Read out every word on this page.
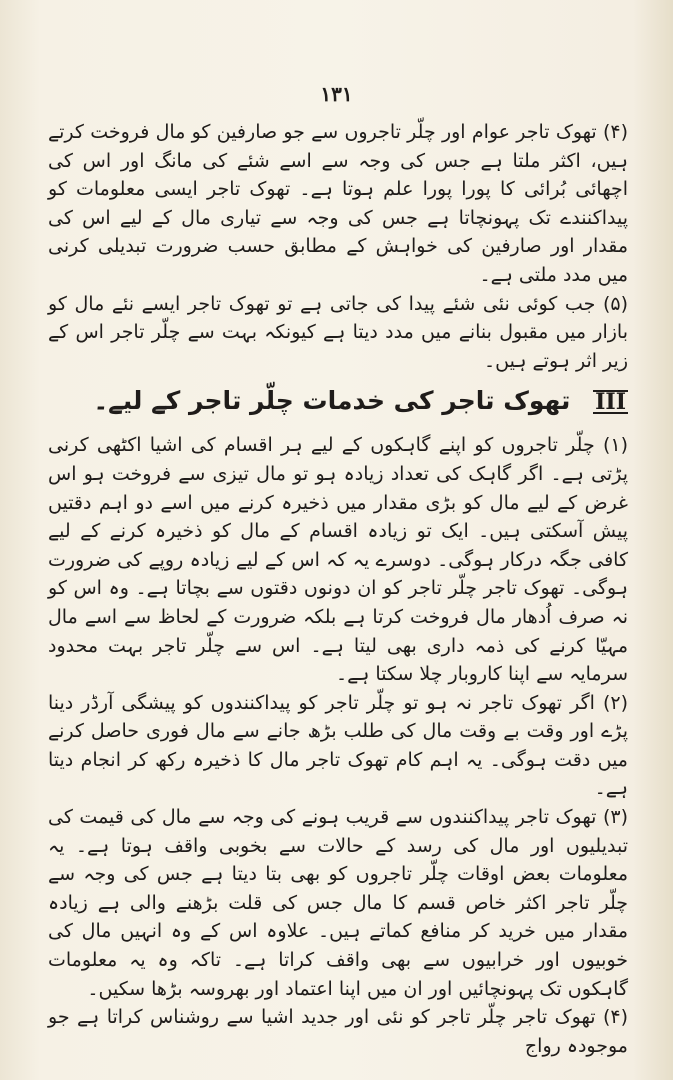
۱۳۱

(۴) تھوک تاجر عوام اور چلّر تاجروں سے جو صارفین کو مال فروخت کرتے ہیں، اکثر ملتا ہے جس کی وجہ سے اسے شئے کی مانگ اور اس کی اچھائی بُرائی کا پورا پورا علم ہوتا ہے۔ تھوک تاجر ایسی معلومات کو پیداکنندے تک پہونچاتا ہے جس کی وجہ سے تیاری مال کے لیے اس کی مقدار اور صارفین کی خواہش کے مطابق حسب ضرورت تبدیلی کرنی میں مدد ملتی ہے۔

(۵) جب کوئی نئی شئے پیدا کی جاتی ہے تو تھوک تاجر ایسے نئے مال کو بازار میں مقبول بنانے میں مدد دیتا ہے کیونکہ بہت سے چلّر تاجر اس کے زیر اثر ہوتے ہیں۔

III تھوک تاجر کی خدمات چلّر تاجر کے لیے۔

(۱) چلّر تاجروں کو اپنے گاہکوں کے لیے ہر اقسام کی اشیا اکٹھی کرنی پڑتی ہے۔ اگر گاہک کی تعداد زیادہ ہو تو مال تیزی سے فروخت ہو اس غرض کے لیے مال کو بڑی مقدار میں ذخیرہ کرنے میں اسے دو اہم دقتیں پیش آسکتی ہیں۔ ایک تو زیادہ اقسام کے مال کو ذخیرہ کرنے کے لیے کافی جگہ درکار ہوگی۔ دوسرے یہ کہ اس کے لیے زیادہ روپے کی ضرورت ہوگی۔ تھوک تاجر چلّر تاجر کو ان دونوں دقتوں سے بچاتا ہے۔ وہ اس کو نہ صرف اُدھار مال فروخت کرتا ہے بلکہ ضرورت کے لحاظ سے اسے مال مہیّا کرنے کی ذمہ داری بھی لیتا ہے۔ اس سے چلّر تاجر بہت محدود سرمایہ سے اپنا کاروبار چلا سکتا ہے۔

(۲) اگر تھوک تاجر نہ ہو تو چلّر تاجر کو پیداکنندوں کو پیشگی آرڈر دینا پڑے اور وقت بے وقت مال کی طلب بڑھ جانے سے مال فوری حاصل کرنے میں دقت ہوگی۔ یہ اہم کام تھوک تاجر مال کا ذخیرہ رکھ کر انجام دیتا ہے۔

(۳) تھوک تاجر پیداکنندوں سے قریب ہونے کی وجہ سے مال کی قیمت کی تبدیلیوں اور مال کی رسد کے حالات سے بخوبی واقف ہوتا ہے۔ یہ معلومات بعض اوقات چلّر تاجروں کو بھی بتا دیتا ہے جس کی وجہ سے چلّر تاجر اکثر خاص قسم کا مال جس کی قلت بڑھنے والی ہے زیادہ مقدار میں خرید کر منافع کماتے ہیں۔ علاوہ اس کے وہ انہیں مال کی خوبیوں اور خرابیوں سے بھی واقف کراتا ہے۔ تاکہ وہ یہ معلومات گاہکوں تک پہونچائیں اور ان میں اپنا اعتماد اور بھروسہ بڑھا سکیں۔

(۴) تھوک تاجر چلّر تاجر کو نئی اور جدید اشیا سے روشناس کراتا ہے جو موجودہ رواج
